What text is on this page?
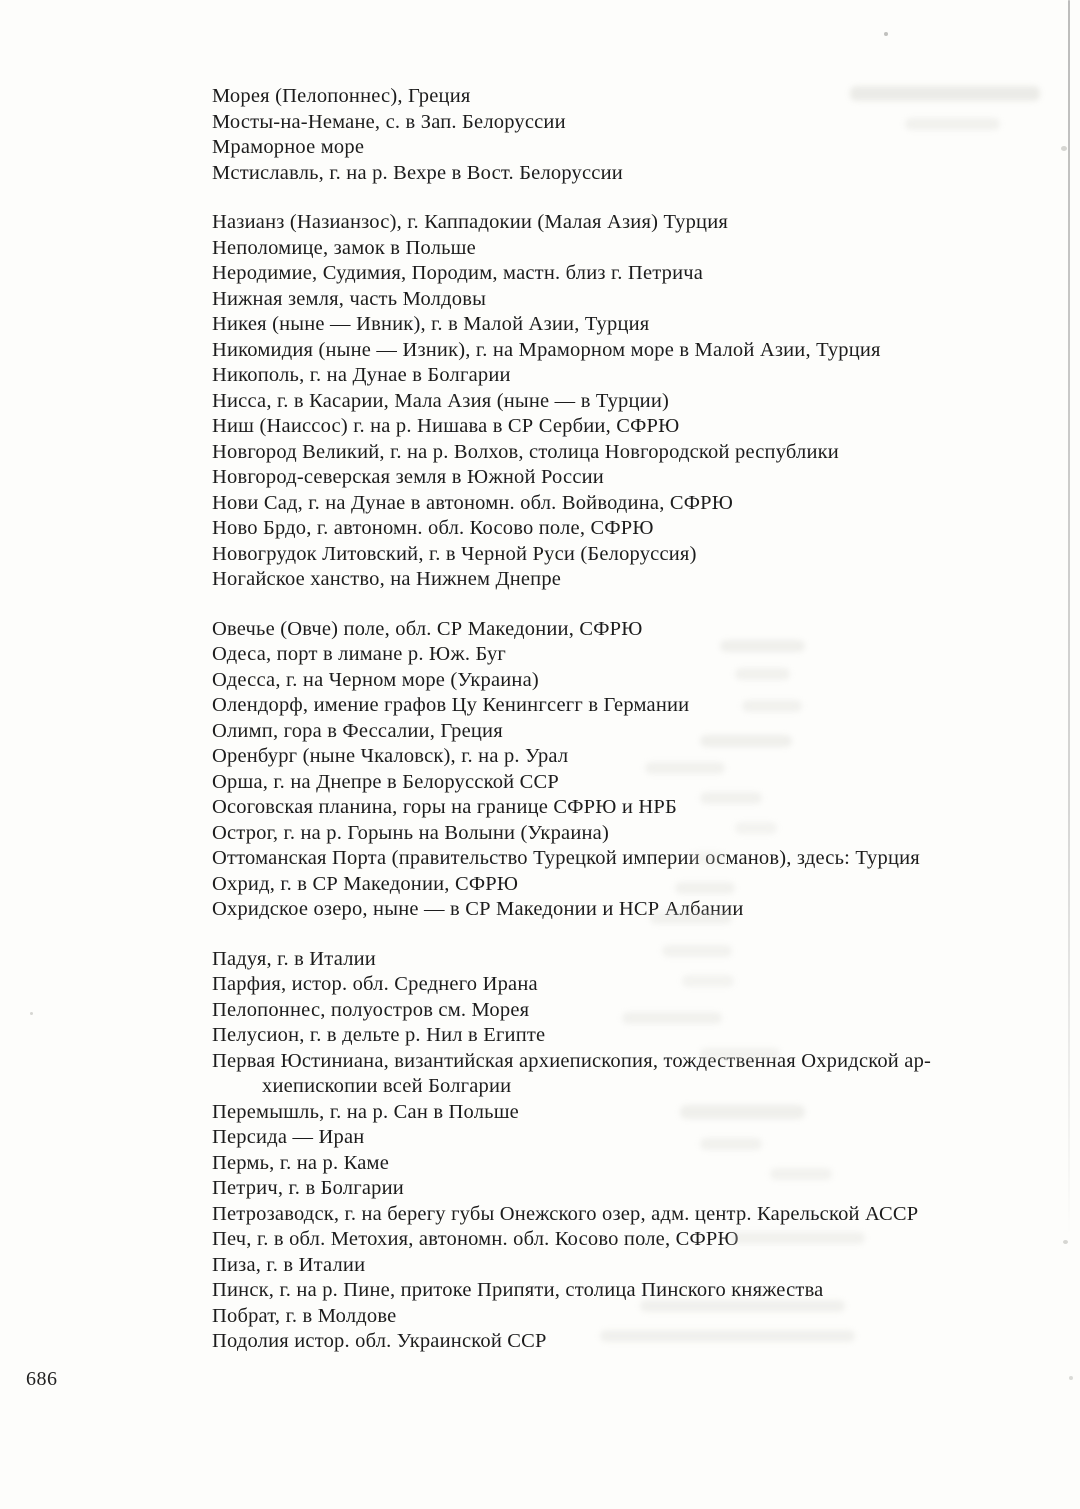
Морея (Пелопоннес), Греция
Мосты-на-Немане, с. в Зап. Белоруссии
Мраморное море
Мстиславль, г. на р. Вехре в Вост. Белоруссии
Назианз (Назианзос), г. Каппадокии (Малая Азия) Турция
Неполомице, замок в Польше
Неродимие, Судимия, Породим, мастн. близ г. Петрича
Нижная земля, часть Молдовы
Никея (ныне — Ивник), г. в Малой Азии, Турция
Никомидия (ныне — Изник), г. на Мраморном море в Малой Азии, Турция
Никополь, г. на Дунае в Болгарии
Нисса, г. в Касарии, Мала Азия (ныне — в Турции)
Ниш (Наиссос) г. на р. Нишава в СР Сербии, СФРЮ
Новгород Великий, г. на р. Волхов, столица Новгородской республики
Новгород-северская земля в Южной России
Нови Сад, г. на Дунае в автономн. обл. Войводина, СФРЮ
Ново Брдо, г. автономн. обл. Косово поле, СФРЮ
Новогрудок Литовский, г. в Черной Руси (Белоруссия)
Ногайское ханство, на Нижнем Днепре
Овечье (Овче) поле, обл. СР Македонии, СФРЮ
Одеса, порт в лимане р. Юж. Буг
Одесса, г. на Черном море (Украина)
Олендорф, имение графов Цу Кенингсегг в Германии
Олимп, гора в Фессалии, Греция
Оренбург (ныне Чкаловск), г. на р. Урал
Орша, г. на Днепре в Белорусской ССР
Осоговская планина, горы на границе СФРЮ и НРБ
Острог, г. на р. Горынь на Волыни (Украина)
Оттоманская Порта (правительство Турецкой империи османов), здесь: Турция
Охрид, г. в СР Македонии, СФРЮ
Охридское озеро, ныне — в СР Македонии и НСР Албании
Падуя, г. в Италии
Парфия, истор. обл. Среднего Ирана
Пелопоннес, полуостров см. Морея
Пелусион, г. в дельте р. Нил в Египте
Первая Юстиниана, византийская архиепископия, тождественная Охридской ар-
хиепископии всей Болгарии
Перемышль, г. на р. Сан в Польше
Персида — Иран
Пермь, г. на р. Каме
Петрич, г. в Болгарии
Петрозаводск, г. на берегу губы Онежского озер, адм. центр. Карельской АССР
Печ, г. в обл. Метохия, автономн. обл. Косово поле, СФРЮ
Пиза, г. в Италии
Пинск, г. на р. Пине, притоке Припяти, столица Пинского княжества
Побрат, г. в Молдове
Подолия истор. обл. Украинской ССР
686
